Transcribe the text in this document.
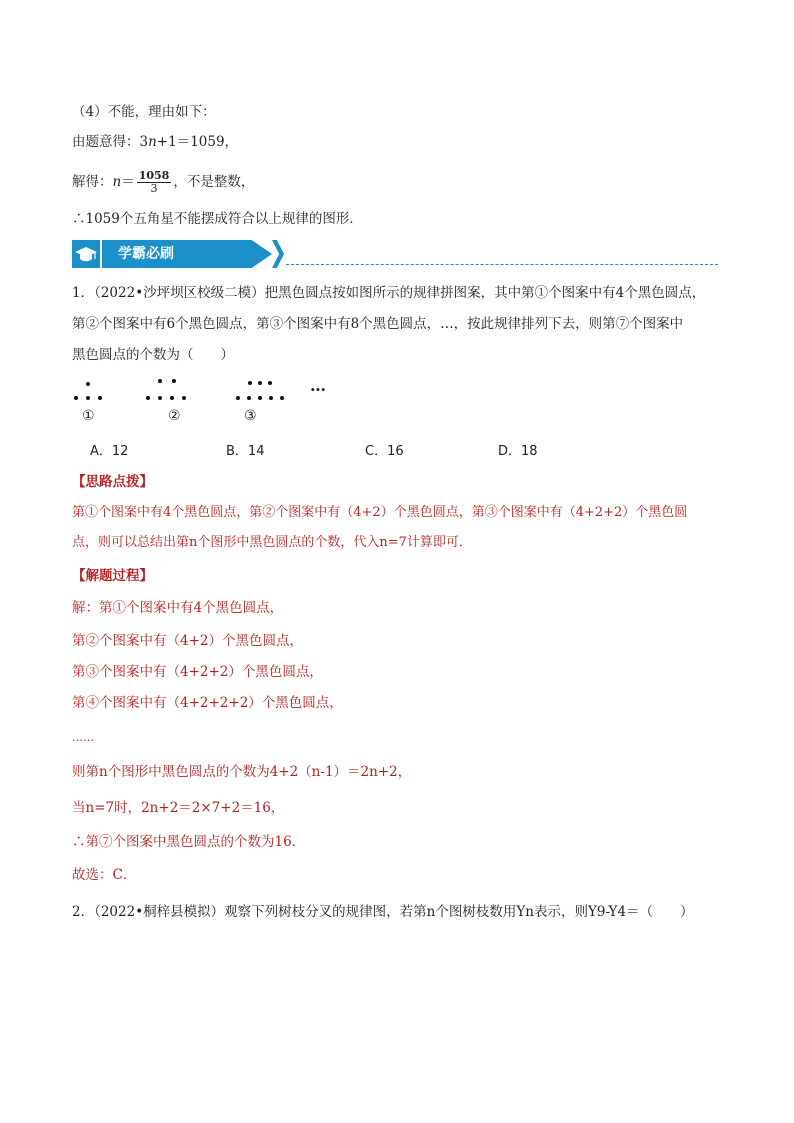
（4）不能，理由如下：
由题意得：3n+1＝1059，
解得：$n= \frac{1058}{3}$ ，不是整数，
∴1059个五角星不能摆成符合以上规律的图形．
学霸必刷
1．（2022•沙坪坝区校级二模）把黑色圆点按如图所示的规律拼图案，其中第①个图案中有4个黑色圆点，
第②个图案中有6个黑色圆点，第③个图案中有8个黑色圆点，…，按此规律排列下去，则第⑦个图案中
黑色圆点的个数为（　　）
①	②	③
…
A．12	B．14	C．16	D．18
【思路点拨】
第①个图案中有4个黑色圆点，第②个图案中有（4+2）个黑色圆点，第③个图案中有（4+2+2）个黑色圆
点，则可以总结出第n个图形中黑色圆点的个数，代入n=7计算即可．
【解题过程】
解：第①个图案中有4个黑色圆点，
第②个图案中有（4+2）个黑色圆点，
第③个图案中有（4+2+2）个黑色圆点，
第④个图案中有（4+2+2+2）个黑色圆点，
……
则第n个图形中黑色圆点的个数为4+2（n-1）＝2n+2，
当n=7时，2n+2＝2×7+2＝16，
∴第⑦个图案中黑色圆点的个数为16．
故选：C．
2．（2022•桐梓县模拟）观察下列树枝分叉的规律图，若第n个图树枝数用Yn表示，则Y9-Y4＝（　　）
